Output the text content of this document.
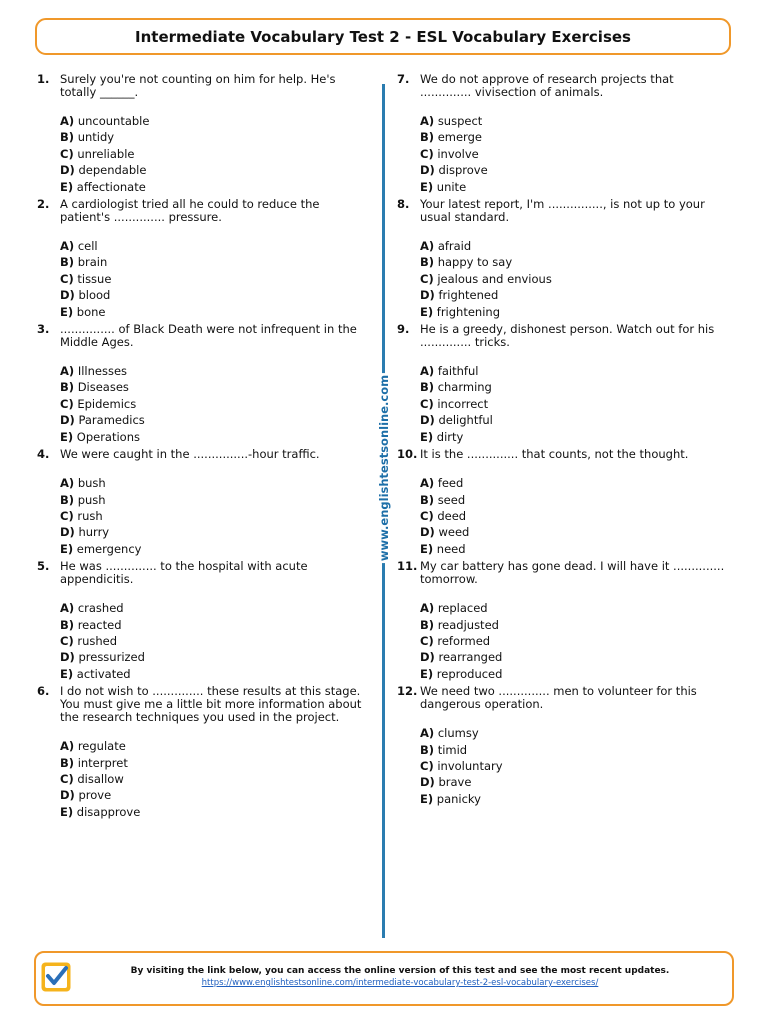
Intermediate Vocabulary Test 2 - ESL Vocabulary Exercises
www.englishtestsonline.com
1. Surely you're not counting on him for help. He's
totally ______.
A) uncountable
B) untidy
C) unreliable
D) dependable
E) affectionate
2. A cardiologist tried all he could to reduce the
patient's .............. pressure.
A) cell
B) brain
C) tissue
D) blood
E) bone
3. ............... of Black Death were not infrequent in the
Middle Ages.
A) Illnesses
B) Diseases
C) Epidemics
D) Paramedics
E) Operations
4. We were caught in the ...............-hour traffic.
A) bush
B) push
C) rush
D) hurry
E) emergency
5. He was .............. to the hospital with acute
appendicitis.
A) crashed
B) reacted
C) rushed
D) pressurized
E) activated
6. I do not wish to .............. these results at this stage.
You must give me a little bit more information about
the research techniques you used in the project.
A) regulate
B) interpret
C) disallow
D) prove
E) disapprove
7. We do not approve of research projects that
.............. vivisection of animals.
A) suspect
B) emerge
C) involve
D) disprove
E) unite
8. Your latest report, I'm ..............., is not up to your
usual standard.
A) afraid
B) happy to say
C) jealous and envious
D) frightened
E) frightening
9. He is a greedy, dishonest person. Watch out for his
.............. tricks.
A) faithful
B) charming
C) incorrect
D) delightful
E) dirty
10. It is the .............. that counts, not the thought.
A) feed
B) seed
C) deed
D) weed
E) need
11. My car battery has gone dead. I will have it ..............
tomorrow.
A) replaced
B) readjusted
C) reformed
D) rearranged
E) reproduced
12. We need two .............. men to volunteer for this
dangerous operation.
A) clumsy
B) timid
C) involuntary
D) brave
E) panicky
By visiting the link below, you can access the online version of this test and see the most recent updates.
https://www.englishtestsonline.com/intermediate-vocabulary-test-2-esl-vocabulary-exercises/
